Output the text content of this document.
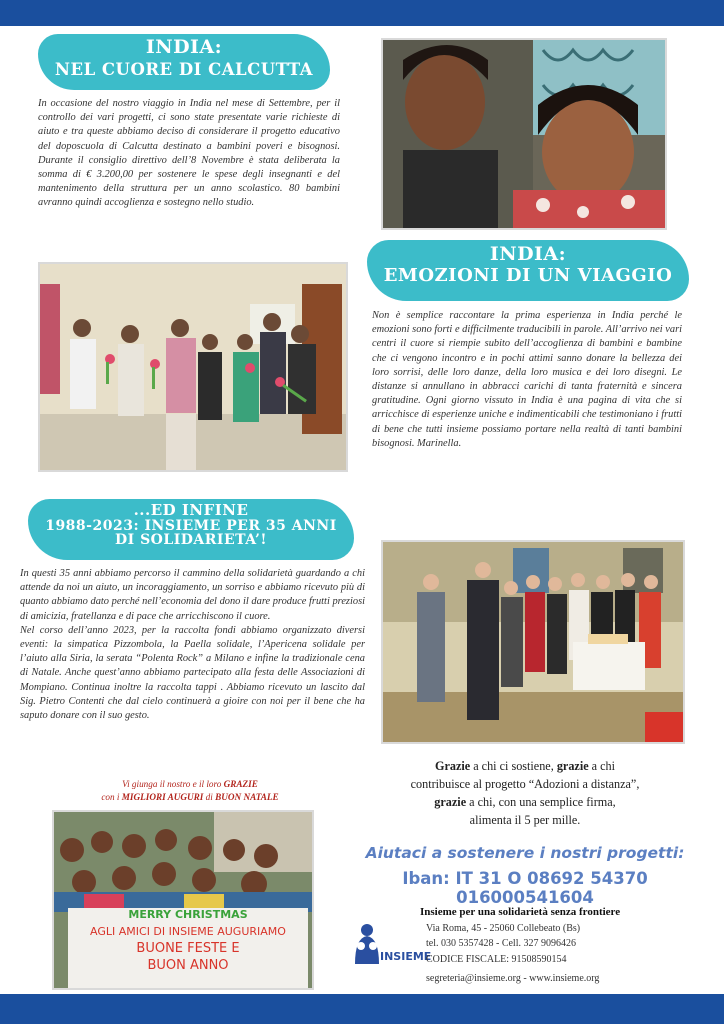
INDIA:
NEL CUORE DI CALCUTTA

In occasione del nostro viaggio in India nel mese di Settembre, per il controllo dei vari progetti, ci sono state presentate varie richieste di aiuto e tra queste abbiamo deciso di considerare il progetto educativo del doposcuola di Calcutta destinato a bambini poveri e bisognosi. Durante il consiglio direttivo dell’8 Novembre è stata deliberata la somma di € 3.200,00 per sostenere le spese degli insegnanti e del mantenimento della struttura per un anno scolastico. 80 bambini avranno quindi accoglienza e sostegno nello studio.

INDIA:
EMOZIONI DI UN VIAGGIO

Non è semplice raccontare la prima esperienza in India perché le emozioni sono forti e difficilmente traducibili in parole. All’arrivo nei vari centri il cuore si riempie subito dell’accoglienza di bambini e bambine che ci vengono incontro e in pochi attimi sanno donare la bellezza dei loro sorrisi, delle loro danze, della loro musica e dei loro disegni. Le distanze si annullano in abbracci carichi di tanta fraternità e sincera gratitudine. Ogni giorno vissuto in India è una pagina di vita che si arricchisce di esperienze uniche e indimenticabili che testimoniano i frutti di bene che tutti insieme possiamo portare nella realtà di tanti bambini bisognosi. Marinella.

...ED INFINE
1988-2023: INSIEME PER 35 ANNI
DI SOLIDARIETA’!

In questi 35 anni abbiamo percorso il cammino della solidarietà guardando a chi attende da noi un aiuto, un incoraggiamento, un sorriso e abbiamo ricevuto più di quanto abbiamo dato perché nell’economia del dono il dare produce frutti preziosi di amicizia, fratellanza e di pace che arricchiscono il cuore.

Nel corso dell’anno 2023, per la raccolta fondi abbiamo organizzato diversi eventi: la simpatica Pizzombola, la Paella solidale, l’Apericena solidale per l’aiuto alla Siria, la serata “Polenta Rock” a Milano e infine la tradizionale cena di Natale. Anche quest’anno abbiamo partecipato alla festa delle Associazioni di Mompiano. Continua inoltre la raccolta tappi . Abbiamo ricevuto un lascito dal Sig. Pietro Contenti che dal cielo continuerà a gioire con noi per il bene che ha saputo donare con il suo gesto.

Vi giunga il nostro e il loro GRAZIE
con i MIGLIORI AUGURI di BUON NATALE
MERRY CHRISTMAS
AGLI AMICI DI INSIEME AUGURIAMO
BUONE FESTE E
BUON ANNO
Grazie a chi ci sostiene, grazie a chi
contribuisce al progetto “Adozioni a distanza”,
grazie a chi, con una semplice firma,
alimenta il 5 per mille.
Aiutaci a sostenere i nostri progetti:
Iban: IT 31 O 08692 54370 016000541604
INSIEME
Insieme per una solidarietà senza frontiere
Via Roma, 45 - 25060 Collebeato (Bs)
tel. 030 5357428 - Cell. 327 9096426
CODICE FISCALE: 91508590154
segreteria@insieme.org - www.insieme.org
